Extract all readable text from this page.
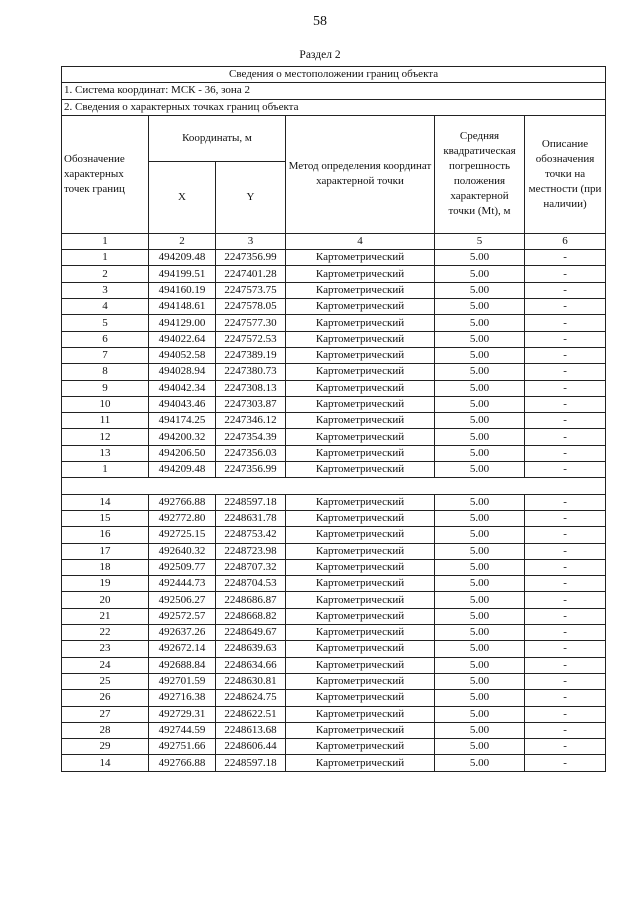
58
Раздел 2
Сведения о местоположении границ объекта					
1. Система координат: МСК - 36, зона 2					
2. Сведения о характерных точках границ объекта					
Обозначение характерных точек границ	Координаты, м		Метод определения координат характерной точки	Средняя квадратическая погрешность положения характерной точки (Mt), м	Описание обозначения точки на местности (при наличии)
	X	Y			
1	2	3	4	5	6
1	494209.48	2247356.99	Картометрический	5.00	-
2	494199.51	2247401.28	Картометрический	5.00	-
3	494160.19	2247573.75	Картометрический	5.00	-
4	494148.61	2247578.05	Картометрический	5.00	-
5	494129.00	2247577.30	Картометрический	5.00	-
6	494022.64	2247572.53	Картометрический	5.00	-
7	494052.58	2247389.19	Картометрический	5.00	-
8	494028.94	2247380.73	Картометрический	5.00	-
9	494042.34	2247308.13	Картометрический	5.00	-
10	494043.46	2247303.87	Картометрический	5.00	-
11	494174.25	2247346.12	Картометрический	5.00	-
12	494200.32	2247354.39	Картометрический	5.00	-
13	494206.50	2247356.03	Картометрический	5.00	-
1	494209.48	2247356.99	Картометрический	5.00	-

14	492766.88	2248597.18	Картометрический	5.00	-
15	492772.80	2248631.78	Картометрический	5.00	-
16	492725.15	2248753.42	Картометрический	5.00	-
17	492640.32	2248723.98	Картометрический	5.00	-
18	492509.77	2248707.32	Картометрический	5.00	-
19	492444.73	2248704.53	Картометрический	5.00	-
20	492506.27	2248686.87	Картометрический	5.00	-
21	492572.57	2248668.82	Картометрический	5.00	-
22	492637.26	2248649.67	Картометрический	5.00	-
23	492672.14	2248639.63	Картометрический	5.00	-
24	492688.84	2248634.66	Картометрический	5.00	-
25	492701.59	2248630.81	Картометрический	5.00	-
26	492716.38	2248624.75	Картометрический	5.00	-
27	492729.31	2248622.51	Картометрический	5.00	-
28	492744.59	2248613.68	Картометрический	5.00	-
29	492751.66	2248606.44	Картометрический	5.00	-
14	492766.88	2248597.18	Картометрический	5.00	-
